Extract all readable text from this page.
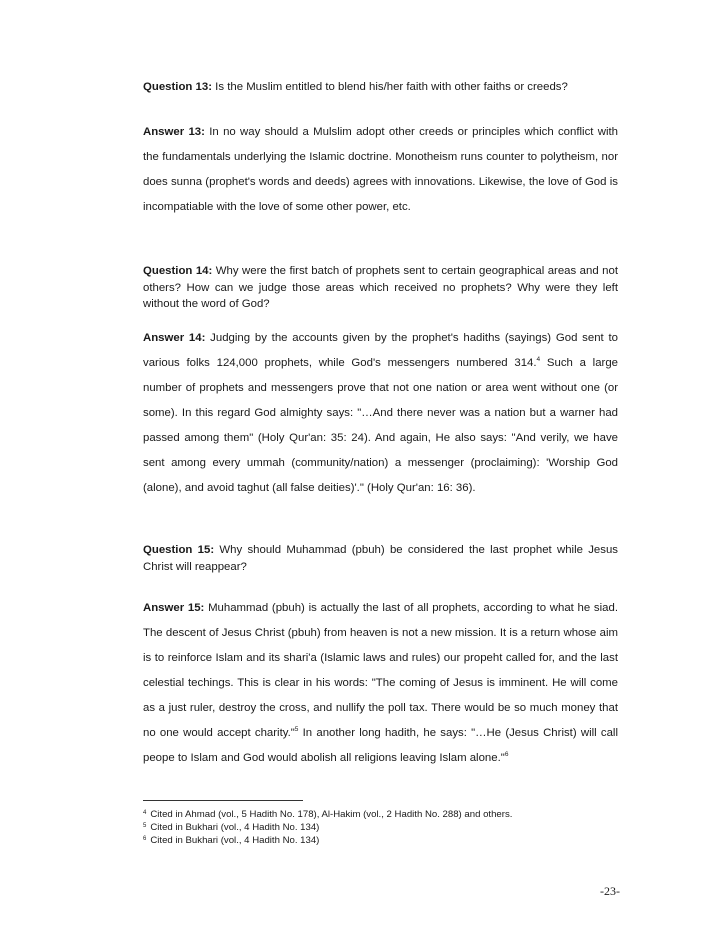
Question 13: Is the Muslim entitled to blend his/her faith with other faiths or creeds?

Answer 13: In no way should a Mulslim adopt other creeds or principles which conflict with the fundamentals underlying the Islamic doctrine. Monotheism runs counter to polytheism, nor does sunna (prophet's words and deeds) agrees with innovations. Likewise, the love of God is incompatiable with the love of some other power, etc.

Question 14: Why were the first batch of prophets sent to certain geographical areas and not others? How can we judge those areas which received no prophets? Why were they left without the word of God?

Answer 14: Judging by the accounts given by the prophet's hadiths (sayings) God sent to various folks 124,000 prophets, while God's messengers numbered 314.$^4$ Such a large number of prophets and messengers prove that not one nation or area went without one (or some). In this regard God almighty says: "…And there never was a nation but a warner had passed among them" (Holy Qur'an: 35: 24). And again, He also says: "And verily, we have sent among every ummah (community/nation) a messenger (proclaiming): 'Worship God (alone), and avoid taghut (all false deities)'." (Holy Qur'an: 16: 36).

Question 15: Why should Muhammad (pbuh) be considered the last prophet while Jesus Christ will reappear?

Answer 15: Muhammad (pbuh) is actually the last of all prophets, according to what he siad. The descent of Jesus Christ (pbuh) from heaven is not a new mission. It is a return whose aim is to reinforce Islam and its shari'a (Islamic laws and rules) our propeht called for, and the last celestial techings. This is clear in his words: "The coming of Jesus is imminent. He will come as a just ruler, destroy the cross, and nullify the poll tax. There would be so much money that no one would accept charity."$^5$ In another long hadith, he says: "…He (Jesus Christ) will call peope to Islam and God would abolish all religions leaving Islam alone."$^6$

$^4$ Cited in Ahmad (vol., 5 Hadith No. 178), Al-Hakim (vol., 2 Hadith No. 288) and others.

$^5$ Cited in Bukhari (vol., 4 Hadith No. 134)

$^6$ Cited in Bukhari (vol., 4 Hadith No. 134)

-23-
